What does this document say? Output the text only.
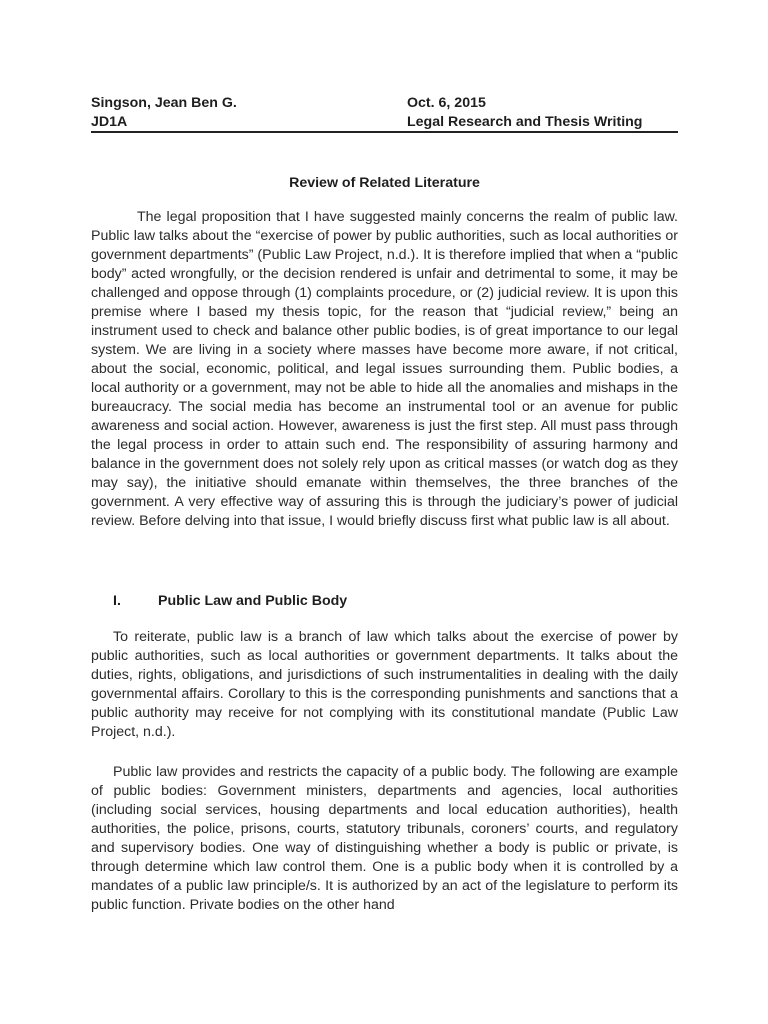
Singson, Jean Ben G.	Oct. 6, 2015
JD1A	Legal Research and Thesis Writing
Review of Related Literature

The legal proposition that I have suggested mainly concerns the realm of public law. Public law talks about the “exercise of power by public authorities, such as local authorities or government departments” (Public Law Project, n.d.). It is therefore implied that when a “public body” acted wrongfully, or the decision rendered is unfair and detrimental to some, it may be challenged and oppose through (1) complaints procedure, or (2) judicial review. It is upon this premise where I based my thesis topic, for the reason that “judicial review,” being an instrument used to check and balance other public bodies, is of great importance to our legal system. We are living in a society where masses have become more aware, if not critical, about the social, economic, political, and legal issues surrounding them. Public bodies, a local authority or a government, may not be able to hide all the anomalies and mishaps in the bureaucracy. The social media has become an instrumental tool or an avenue for public awareness and social action. However, awareness is just the first step. All must pass through the legal process in order to attain such end. The responsibility of assuring harmony and balance in the government does not solely rely upon as critical masses (or watch dog as they may say), the initiative should emanate within themselves, the three branches of the government. A very effective way of assuring this is through the judiciary’s power of judicial review. Before delving into that issue, I would briefly discuss first what public law is all about.

I.	Public Law and Public Body

To reiterate, public law is a branch of law which talks about the exercise of power by public authorities, such as local authorities or government departments. It talks about the duties, rights, obligations, and jurisdictions of such instrumentalities in dealing with the daily governmental affairs. Corollary to this is the corresponding punishments and sanctions that a public authority may receive for not complying with its constitutional mandate (Public Law Project, n.d.).

Public law provides and restricts the capacity of a public body. The following are example of public bodies: Government ministers, departments and agencies, local authorities (including social services, housing departments and local education authorities), health authorities, the police, prisons, courts, statutory tribunals, coroners’ courts, and regulatory and supervisory bodies. One way of distinguishing whether a body is public or private, is through determine which law control them. One is a public body when it is controlled by a mandates of a public law principle/s. It is authorized by an act of the legislature to perform its public function. Private bodies on the other hand
